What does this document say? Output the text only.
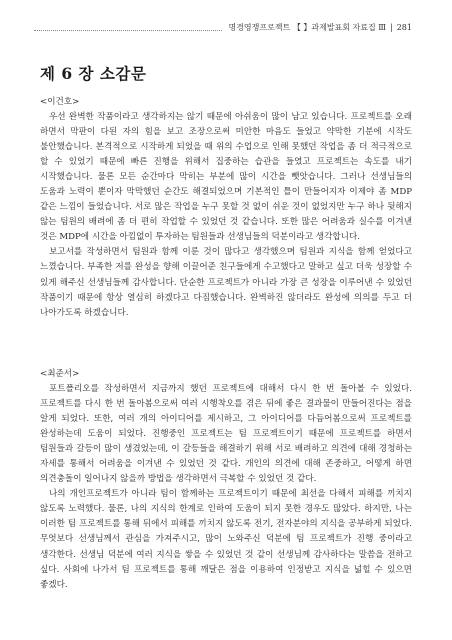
명경영쟁프로젝트 【 】과제발표회 자료집 Ⅲ | 281
제 6 장 소감문

<이건호>

우선 완벽한 작품이라고 생각하지는 않기 때문에 아쉬움이 많이 남고 있습니다. 프로젝트를 오래 하면서 막판이 다된 자의 힘을 보고 조장으로써 미안한 마음도 들었고 약막한 기분에 시작도 불안했습니다. 본격적으로 시작하게 되었을 때 위의 수업으로 인해 못했던 작업을 좀 더 적극적으로 할 수 있었기 때문에 빠른 진행을 위해서 집중하는 습관을 들였고 프로젝트는 속도를 내기 시작했습니다. 물론 모든 순간마다 막히는 부분에 많이 시간을 뺏앗습니다. 그러나 선생님들의 도움과 노력이 뿐이자 막막했던 순간도 해결되었으며 기본적인 틀이 만들어지자 이제야 좀 MDP 같은 느낌이 들었습니다. 서로 많은 작업을 누구 못할 것 없이 쉬운 것이 없었지만 누구 하나 뒷해지 않는 팀원의 배려에 좀 더 편히 작업할 수 있었던 것 같습니다. 또한 많은 어려움과 실수를 이겨낸 것은 MDP에 시간을 아낌없이 투자하는 팀원들과 선생님들의 덕분이라고 생각합니다.

보고서를 작성하면서 팀원과 함께 이룬 것이 많다고 생각했으며 팀원과 지식을 함께 얻었다고 느꼈습니다. 부족한 저를 완성을 향해 이끌어준 친구들에게 수고했다고 말하고 싶고 더욱 성장할 수 있게 해주신 선생님들께 감사합니다. 단순한 프로젝트가 아니라 가장 큰 성장을 이루어낸 수 있었던 작품이기 때문에 항상 열심히 하겠다고 다짐했습니다. 완벽하진 않더라도 완성에 의의를 두고 더 나아가도록 하겠습니다.

<최준서>

포트폴리오를 작성하면서 지금까지 했던 프로젝트에 대해서 다시 한 번 돌아볼 수 있었다. 프로젝트를 다시 한 번 돌아봄으로써 여러 시행착오를 겪은 뒤에 좋은 결과물이 만들어진다는 점을 알게 되었다. 또한, 여러 개의 아이디어를 제시하고, 그 아이디어를 다듬어봄으로써 프로젝트를 완성하는데 도움이 되었다. 진행중인 프로젝트는 팀 프로젝트이기 때문에 프로젝트를 하면서 팀원들과 갈등이 많이 생겼었는데, 이 갈등들을 해결하기 위해 서로 배려하고 의견에 대해 경청하는 자세를 통해서 어려움을 이겨낸 수 있었던 것 같다. 개인의 의견에 대해 존중하고, 어떻게 하면 의견충돌이 일어나지 않을까 방법을 생각하면서 극복할 수 있었던 것 같다.

나의 개인프로젝트가 아니라 팀이 함께하는 프로젝트이기 때문에 최선을 다해서 피해를 끼치지 않도록 노력했다. 물론, 나의 지식의 한계로 인하여 도움이 되지 못한 경우도 많았다. 하지만, 나는 이러한 팀 프로젝트를 통해 뒤에서 피해를 끼치지 않도록 전기, 전자분야의 지식을 공부하게 되었다. 무엇보다 선생님께서 관심을 가져주시고, 많이 노와주신 덕분에 팀 프로젝트가 진행 중이라고 생각한다. 선생님 덕분에 여러 지식을 쌓을 수 있었던 것 같이 선생님께 감사하다는 말씀을 전하고 싶다. 사회에 나가서 팀 프로젝트를 통해 깨달은 점을 이용하여 인정받고 지식을 넓힐 수 있으면 좋겠다.
